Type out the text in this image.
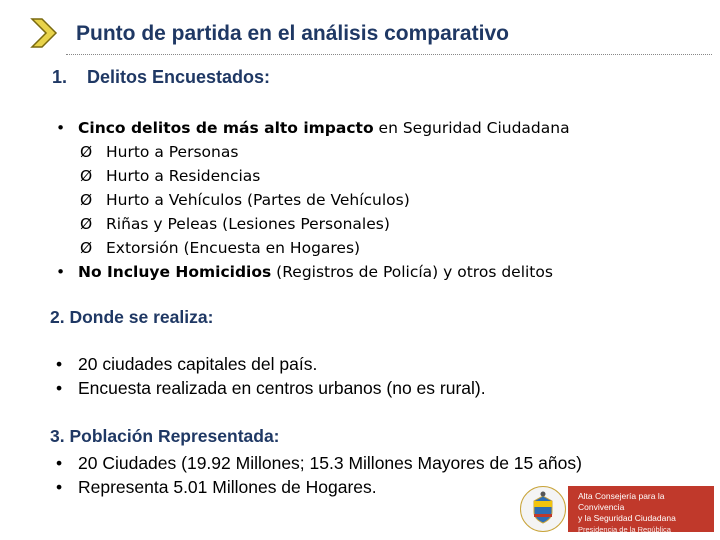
Punto de partida en el análisis comparativo
1. Delitos Encuestados:
• Cinco delitos de más alto impacto en Seguridad Ciudadana
Ø Hurto a Personas
Ø Hurto a Residencias
Ø Hurto a Vehículos (Partes de Vehículos)
Ø Riñas y Peleas (Lesiones Personales)
Ø Extorsión (Encuesta en Hogares)
• No Incluye Homicidios (Registros de Policía) y otros delitos
2. Donde se realiza:
• 20 ciudades capitales del país.
• Encuesta realizada en centros urbanos (no es rural).
3. Población Representada:
• 20 Ciudades (19.92 Millones; 15.3 Millones Mayores de 15 años)
• Representa 5.01 Millones de Hogares.	Alta Consejería para la Convivencia
y la Seguridad Ciudadana
Presidencia de la República
